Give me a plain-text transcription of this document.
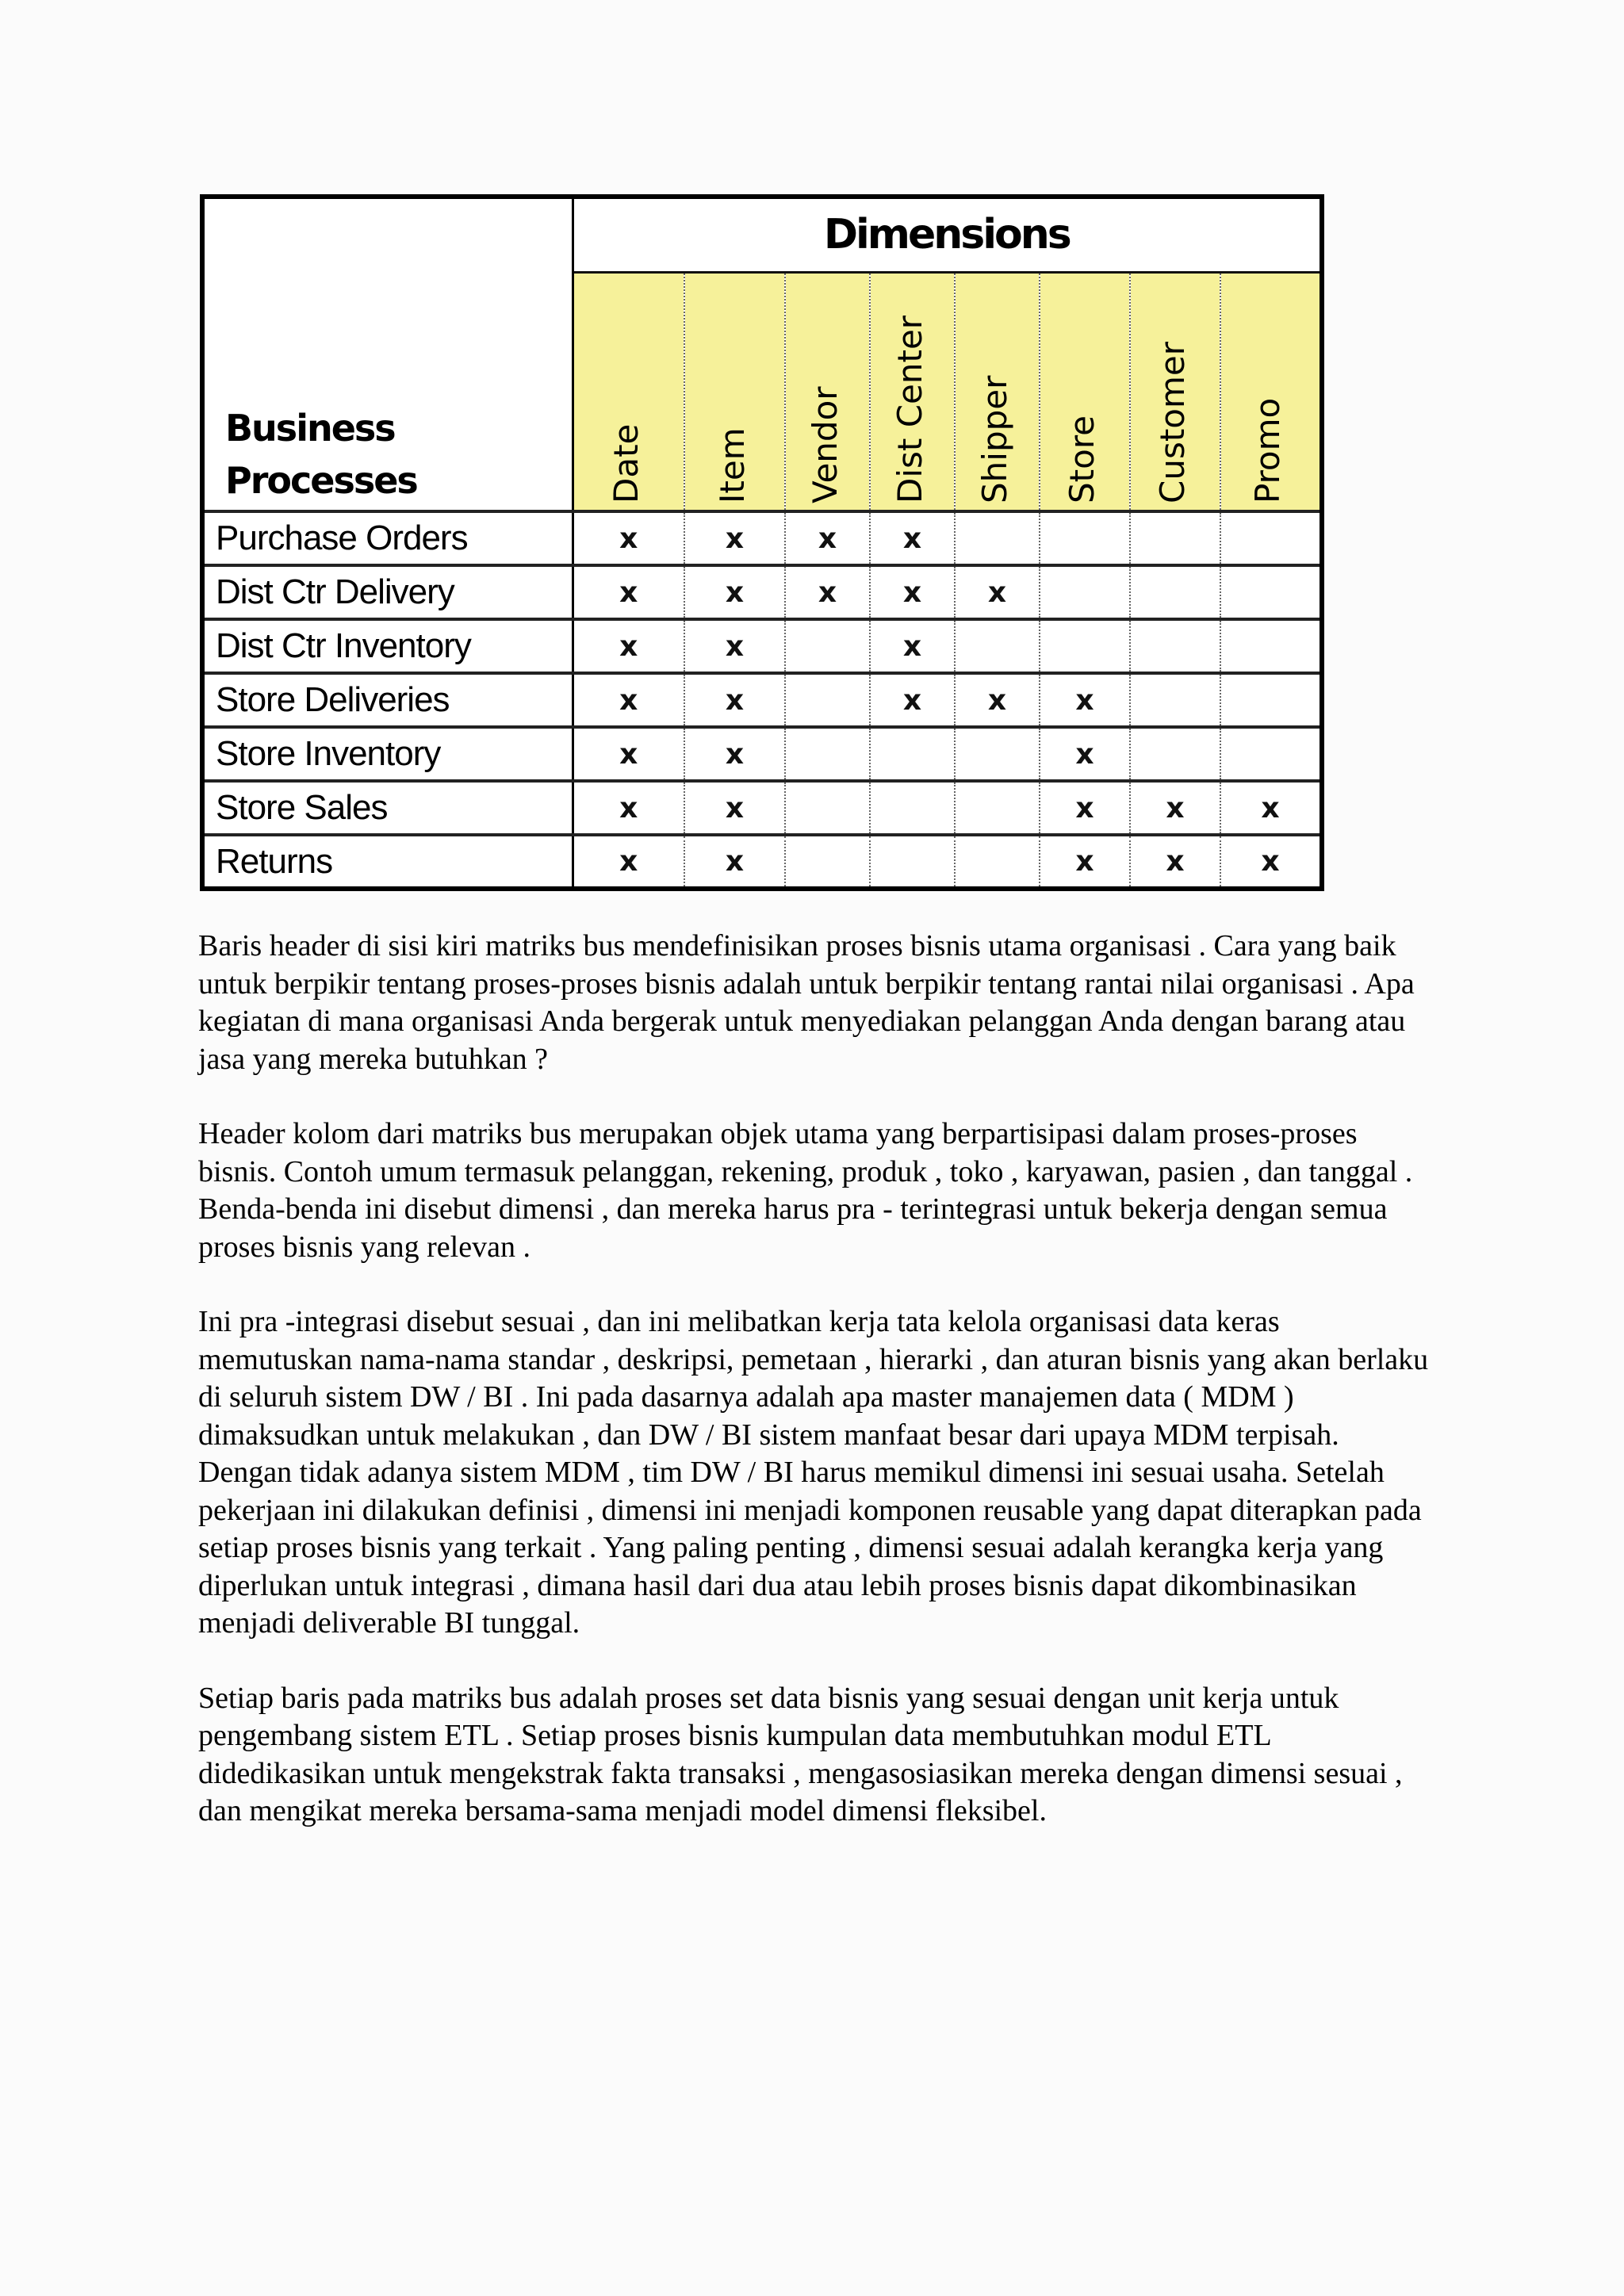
Business
Processes	Dimensions							

	Date	Item	Vendor	Dist Center	Shipper	Store	Customer	Promo

Purchase Orders	x	x	x	x				
Dist Ctr Delivery	x	x	x	x	x			
Dist Ctr Inventory	x	x		x				
Store Deliveries	x	x		x	x	x		
Store Inventory	x	x				x		
Store Sales	x	x				x	x	x
Returns	x	x				x	x	x

Baris header di sisi kiri matriks bus mendefinisikan proses bisnis utama organisasi . Cara yang baik untuk berpikir tentang proses-proses bisnis adalah untuk berpikir tentang rantai nilai organisasi . Apa kegiatan di mana organisasi Anda bergerak untuk menyediakan pelanggan Anda dengan barang atau jasa yang mereka butuhkan ?

Header kolom dari matriks bus merupakan objek utama yang berpartisipasi dalam proses-proses bisnis. Contoh umum termasuk pelanggan, rekening, produk , toko , karyawan, pasien , dan tanggal . Benda-benda ini disebut dimensi , dan mereka harus pra - terintegrasi untuk bekerja dengan semua proses bisnis yang relevan .

Ini pra -integrasi disebut sesuai , dan ini melibatkan kerja tata kelola organisasi data keras memutuskan nama-nama standar , deskripsi, pemetaan , hierarki , dan aturan bisnis yang akan berlaku di seluruh sistem DW / BI . Ini pada dasarnya adalah apa master manajemen data ( MDM ) dimaksudkan untuk melakukan , dan DW / BI sistem manfaat besar dari upaya MDM terpisah. Dengan tidak adanya sistem MDM , tim DW / BI harus memikul dimensi ini sesuai usaha. Setelah pekerjaan ini dilakukan definisi , dimensi ini menjadi komponen reusable yang dapat diterapkan pada setiap proses bisnis yang terkait . Yang paling penting , dimensi sesuai adalah kerangka kerja yang diperlukan untuk integrasi , dimana hasil dari dua atau lebih proses bisnis dapat dikombinasikan menjadi deliverable BI tunggal.

Setiap baris pada matriks bus adalah proses set data bisnis yang sesuai dengan unit kerja untuk pengembang sistem ETL . Setiap proses bisnis kumpulan data membutuhkan modul ETL didedikasikan untuk mengekstrak fakta transaksi , mengasosiasikan mereka dengan dimensi sesuai , dan mengikat mereka bersama-sama menjadi model dimensi fleksibel.
